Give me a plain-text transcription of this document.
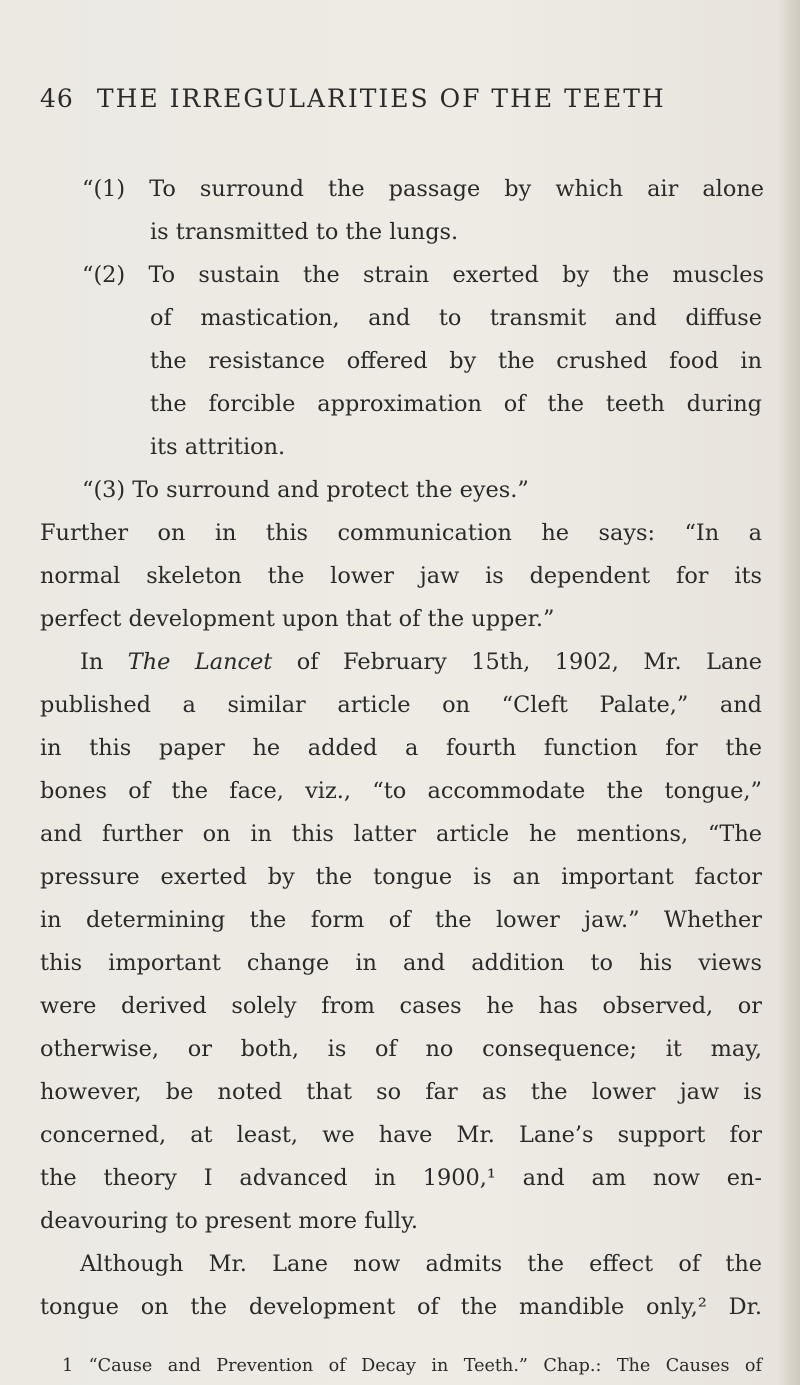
46 THE IRREGULARITIES OF THE TEETH
“(1) To surround the passage by which air alone
is transmitted to the lungs.
“(2) To sustain the strain exerted by the muscles
of mastication, and to transmit and diffuse
the resistance offered by the crushed food in
the forcible approximation of the teeth during
its attrition.
“(3) To surround and protect the eyes.”
Further on in this communication he says: “In a
normal skeleton the lower jaw is dependent for its
perfect development upon that of the upper.”
In The Lancet of February 15th, 1902, Mr. Lane
published a similar article on “Cleft Palate,” and
in this paper he added a fourth function for the
bones of the face, viz., “to accommodate the tongue,”
and further on in this latter article he mentions, “The
pressure exerted by the tongue is an important factor
in determining the form of the lower jaw.” Whether
this important change in and addition to his views
were derived solely from cases he has observed, or
otherwise, or both, is of no consequence; it may,
however, be noted that so far as the lower jaw is
concerned, at least, we have Mr. Lane’s support for
the theory I advanced in 1900,¹ and am now en-
deavouring to present more fully.
Although Mr. Lane now admits the effect of the
tongue on the development of the mandible only,² Dr.
1 “Cause and Prevention of Decay in Teeth.” Chap.: The Causes of
